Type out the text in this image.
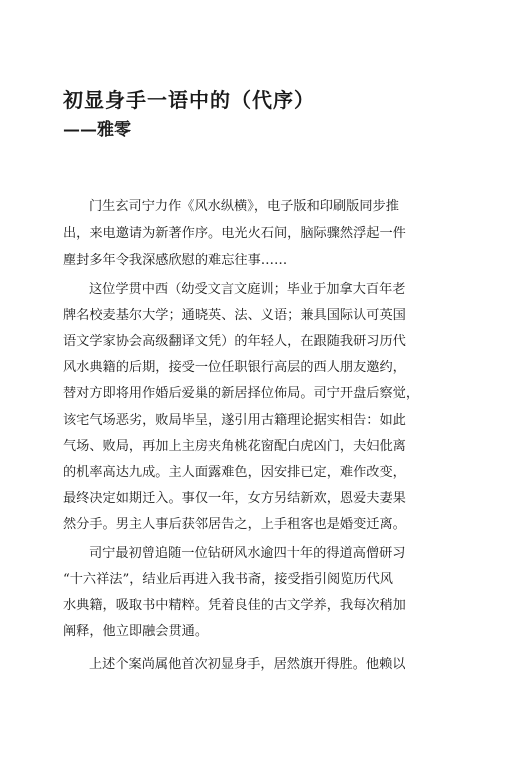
初显身手一语中的（代序）
——雅零
门生玄司宁力作《风水纵横》，电子版和印刷版同步推
出，来电邀请为新著作序。电光火石间，脑际骤然浮起一件
塵封多年令我深感欣慰的难忘往事……
这位学贯中西（幼受文言文庭训；毕业于加拿大百年老
牌名校麦基尔大学；通晓英、法、义语；兼具国际认可英国
语文学家协会高级翻译文凭）的年轻人，在跟随我研习历代
风水典籍的后期，接受一位任职银行高层的西人朋友邀约，
替对方即将用作婚后爱巢的新居择位佈局。司宁开盘后察觉，
该宅气场恶劣，败局毕呈，遂引用古籍理论据实相告：如此
气场、败局，再加上主房夹角桃花窗配白虎凶门，夫妇仳离
的机率高达九成。主人面露难色，因安排已定，难作改变，
最终决定如期迁入。事仅一年，女方另结新欢，恩爱夫妻果
然分手。男主人事后获邻居告之，上手租客也是婚变迁离。
司宁最初曾追随一位钻研风水逾四十年的得道高僧研习
“十六祥法”，结业后再进入我书斋，接受指引阅览历代风
水典籍，吸取书中精粹。凭着良佳的古文学养，我每次稍加
阐释，他立即融会贯通。
上述个案尚属他首次初显身手，居然旗开得胜。他赖以
